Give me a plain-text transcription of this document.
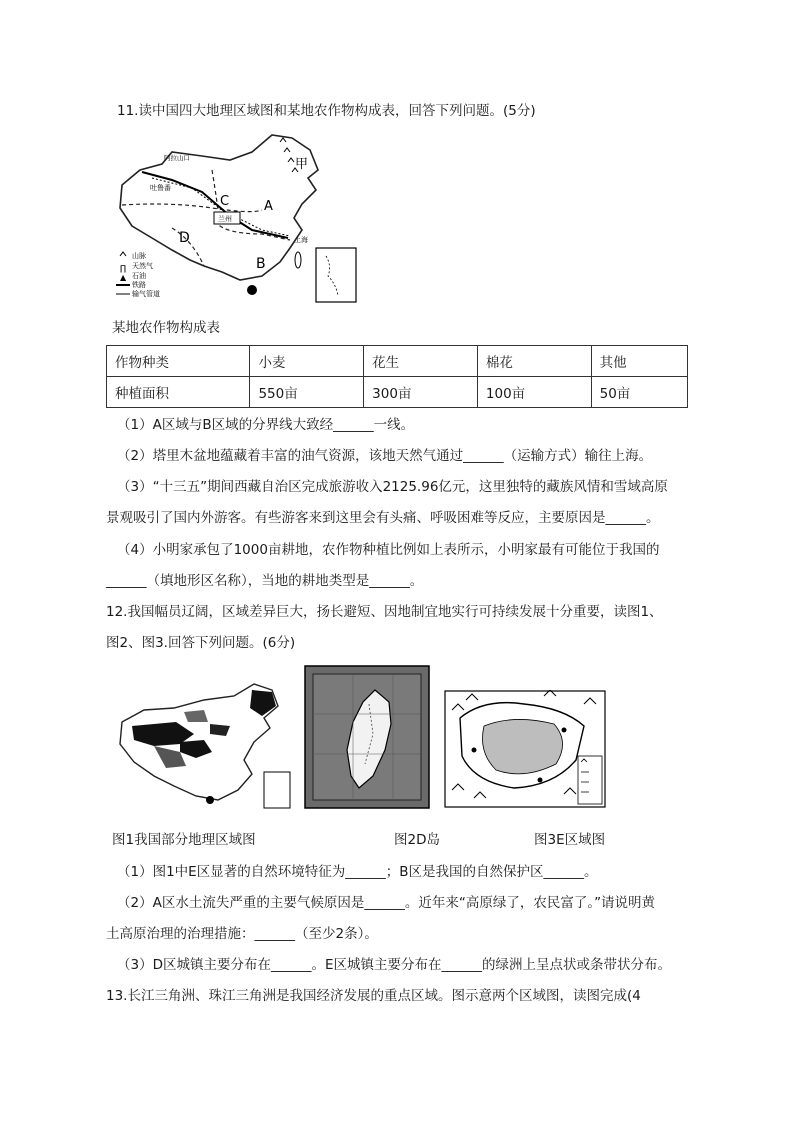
11.读中国四大地理区域图和某地农作物构成表，回答下列问题。(5分)
∏
▲
阿拉山口
吐鲁番
C
甲
A
D
B
兰州
上海
山脉
天然气
石油
铁路
输气管道
某地农作物构成表
作物种类	小麦	花生	棉花	其他
种植面积	550亩	300亩	100亩	50亩
（1）A区域与B区域的分界线大致经______一线。
（2）塔里木盆地蕴藏着丰富的油气资源，该地天然气通过______（运输方式）输往上海。
（3）“十三五”期间西藏自治区完成旅游收入2125.96亿元，这里独特的藏族风情和雪域高原
景观吸引了国内外游客。有些游客来到这里会有头痛、呼吸困难等反应，主要原因是______。
（4）小明家承包了1000亩耕地，农作物种植比例如上表所示，小明家最有可能位于我国的
______（填地形区名称），当地的耕地类型是______。
12.我国幅员辽阔，区域差异巨大，扬长避短、因地制宜地实行可持续发展十分重要，读图1、
图2、图3.回答下列问题。(6分)
图1我国部分地理区域图	图2D岛	图3E区域图
（1）图1中E区显著的自然环境特征为______；B区是我国的自然保护区______。
（2）A区水土流失严重的主要气候原因是______。近年来“高原绿了，农民富了。”请说明黄
土高原治理的治理措施：______（至少2条）。
（3）D区城镇主要分布在______。E区城镇主要分布在______的绿洲上呈点状或条带状分布。
13.长江三角洲、珠江三角洲是我国经济发展的重点区域。图示意两个区域图，读图完成(4
